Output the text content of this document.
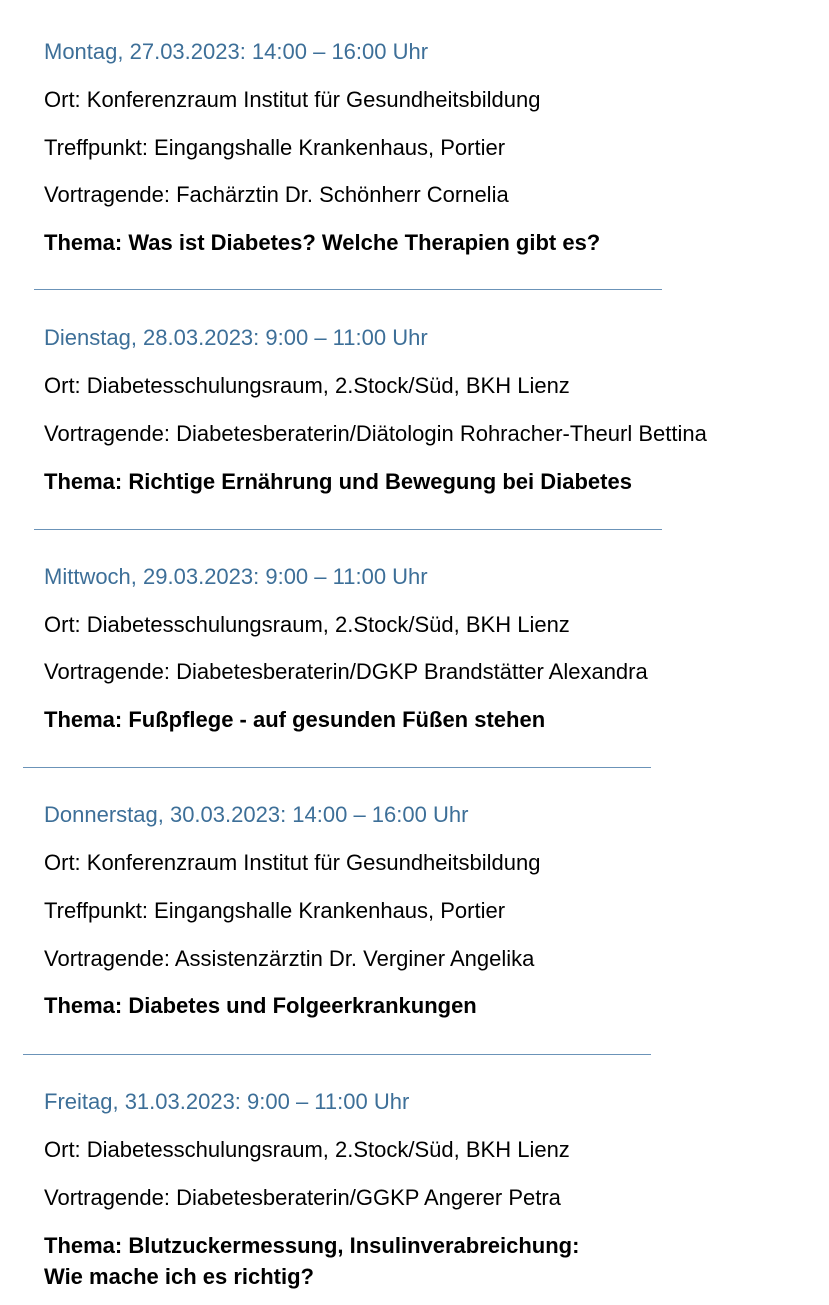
Montag, 27.03.2023: 14:00 – 16:00 Uhr
Ort: Konferenzraum Institut für Gesundheitsbildung
Treffpunkt: Eingangshalle Krankenhaus, Portier
Vortragende: Fachärztin Dr. Schönherr Cornelia
Thema: Was ist Diabetes? Welche Therapien gibt es?
Dienstag, 28.03.2023: 9:00 – 11:00 Uhr
Ort: Diabetesschulungsraum, 2.Stock/Süd, BKH Lienz
Vortragende: Diabetesberaterin/Diätologin Rohracher-Theurl Bettina
Thema: Richtige Ernährung und Bewegung bei Diabetes
Mittwoch, 29.03.2023: 9:00 – 11:00 Uhr
Ort: Diabetesschulungsraum, 2.Stock/Süd, BKH Lienz
Vortragende: Diabetesberaterin/DGKP Brandstätter Alexandra
Thema: Fußpflege - auf gesunden Füßen stehen
Donnerstag, 30.03.2023: 14:00 – 16:00 Uhr
Ort: Konferenzraum Institut für Gesundheitsbildung
Treffpunkt: Eingangshalle Krankenhaus, Portier
Vortragende: Assistenzärztin Dr. Verginer Angelika
Thema: Diabetes und Folgeerkrankungen
Freitag, 31.03.2023: 9:00 – 11:00 Uhr
Ort: Diabetesschulungsraum, 2.Stock/Süd, BKH Lienz
Vortragende: Diabetesberaterin/GGKP Angerer Petra
Thema: Blutzuckermessung, Insulinverabreichung:
Wie mache ich es richtig?
